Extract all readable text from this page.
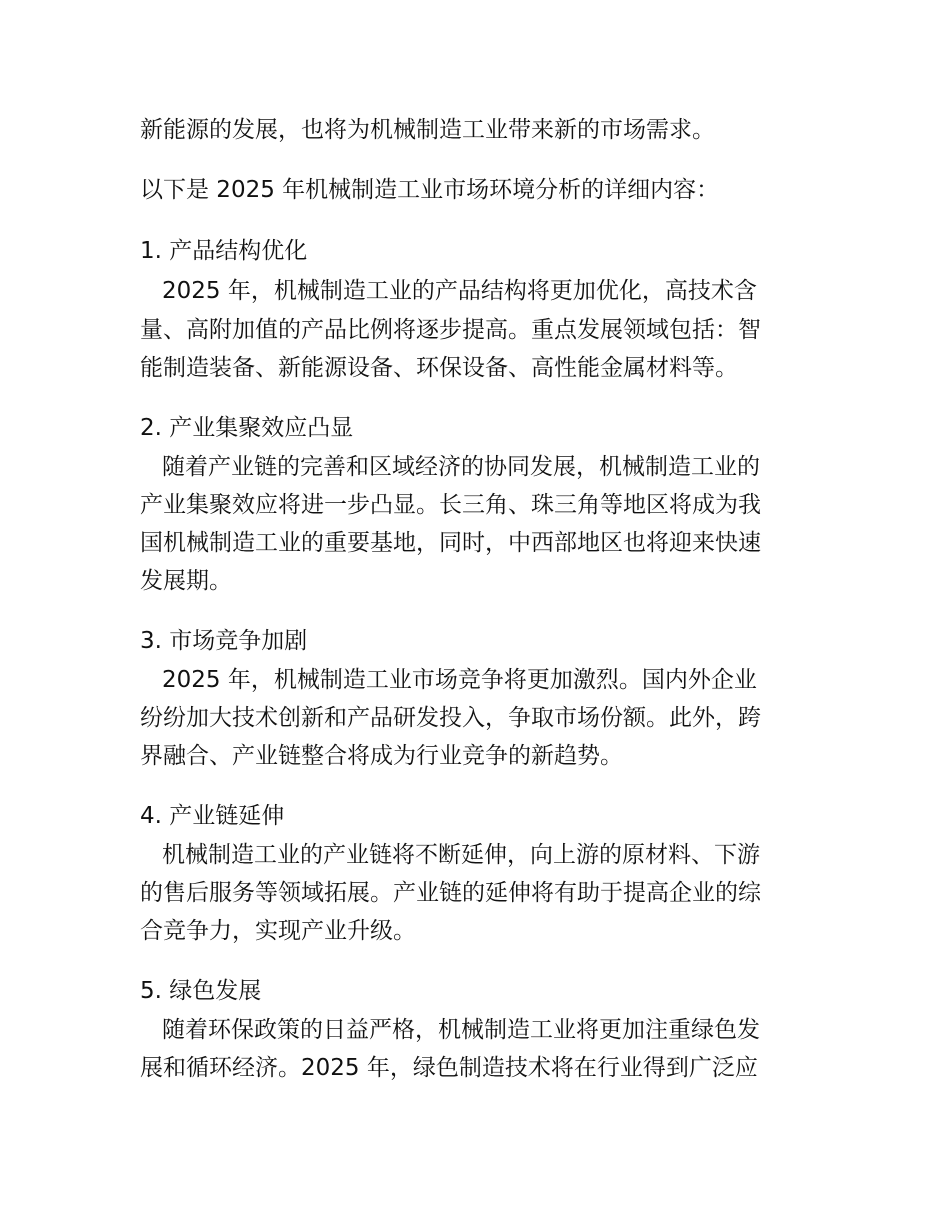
新能源的发展，也将为机械制造工业带来新的市场需求。
以下是 2025 年机械制造工业市场环境分析的详细内容：
1. 产品结构优化
2025 年，机械制造工业的产品结构将更加优化，高技术含
量、高附加值的产品比例将逐步提高。重点发展领域包括：智
能制造装备、新能源设备、环保设备、高性能金属材料等。
2. 产业集聚效应凸显
随着产业链的完善和区域经济的协同发展，机械制造工业的
产业集聚效应将进一步凸显。长三角、珠三角等地区将成为我
国机械制造工业的重要基地，同时，中西部地区也将迎来快速
发展期。
3. 市场竞争加剧
2025 年，机械制造工业市场竞争将更加激烈。国内外企业
纷纷加大技术创新和产品研发投入，争取市场份额。此外，跨
界融合、产业链整合将成为行业竞争的新趋势。
4. 产业链延伸
机械制造工业的产业链将不断延伸，向上游的原材料、下游
的售后服务等领域拓展。产业链的延伸将有助于提高企业的综
合竞争力，实现产业升级。
5. 绿色发展
随着环保政策的日益严格，机械制造工业将更加注重绿色发
展和循环经济。2025 年，绿色制造技术将在行业得到广泛应
